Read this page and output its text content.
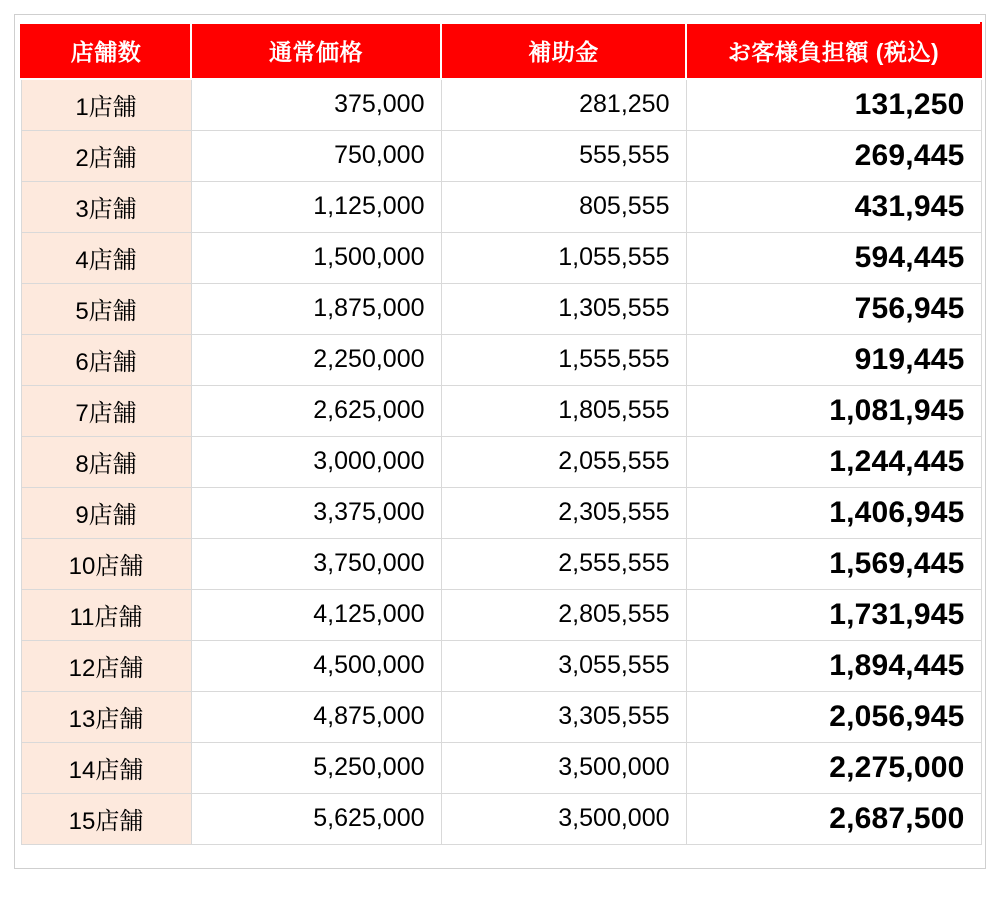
店舗数	通常価格	補助金	お客様負担額 (税込)
1店舗	375,000	281,250	131,250
2店舗	750,000	555,555	269,445
3店舗	1,125,000	805,555	431,945
4店舗	1,500,000	1,055,555	594,445
5店舗	1,875,000	1,305,555	756,945
6店舗	2,250,000	1,555,555	919,445
7店舗	2,625,000	1,805,555	1,081,945
8店舗	3,000,000	2,055,555	1,244,445
9店舗	3,375,000	2,305,555	1,406,945
10店舗	3,750,000	2,555,555	1,569,445
11店舗	4,125,000	2,805,555	1,731,945
12店舗	4,500,000	3,055,555	1,894,445
13店舗	4,875,000	3,305,555	2,056,945
14店舗	5,250,000	3,500,000	2,275,000
15店舗	5,625,000	3,500,000	2,687,500
